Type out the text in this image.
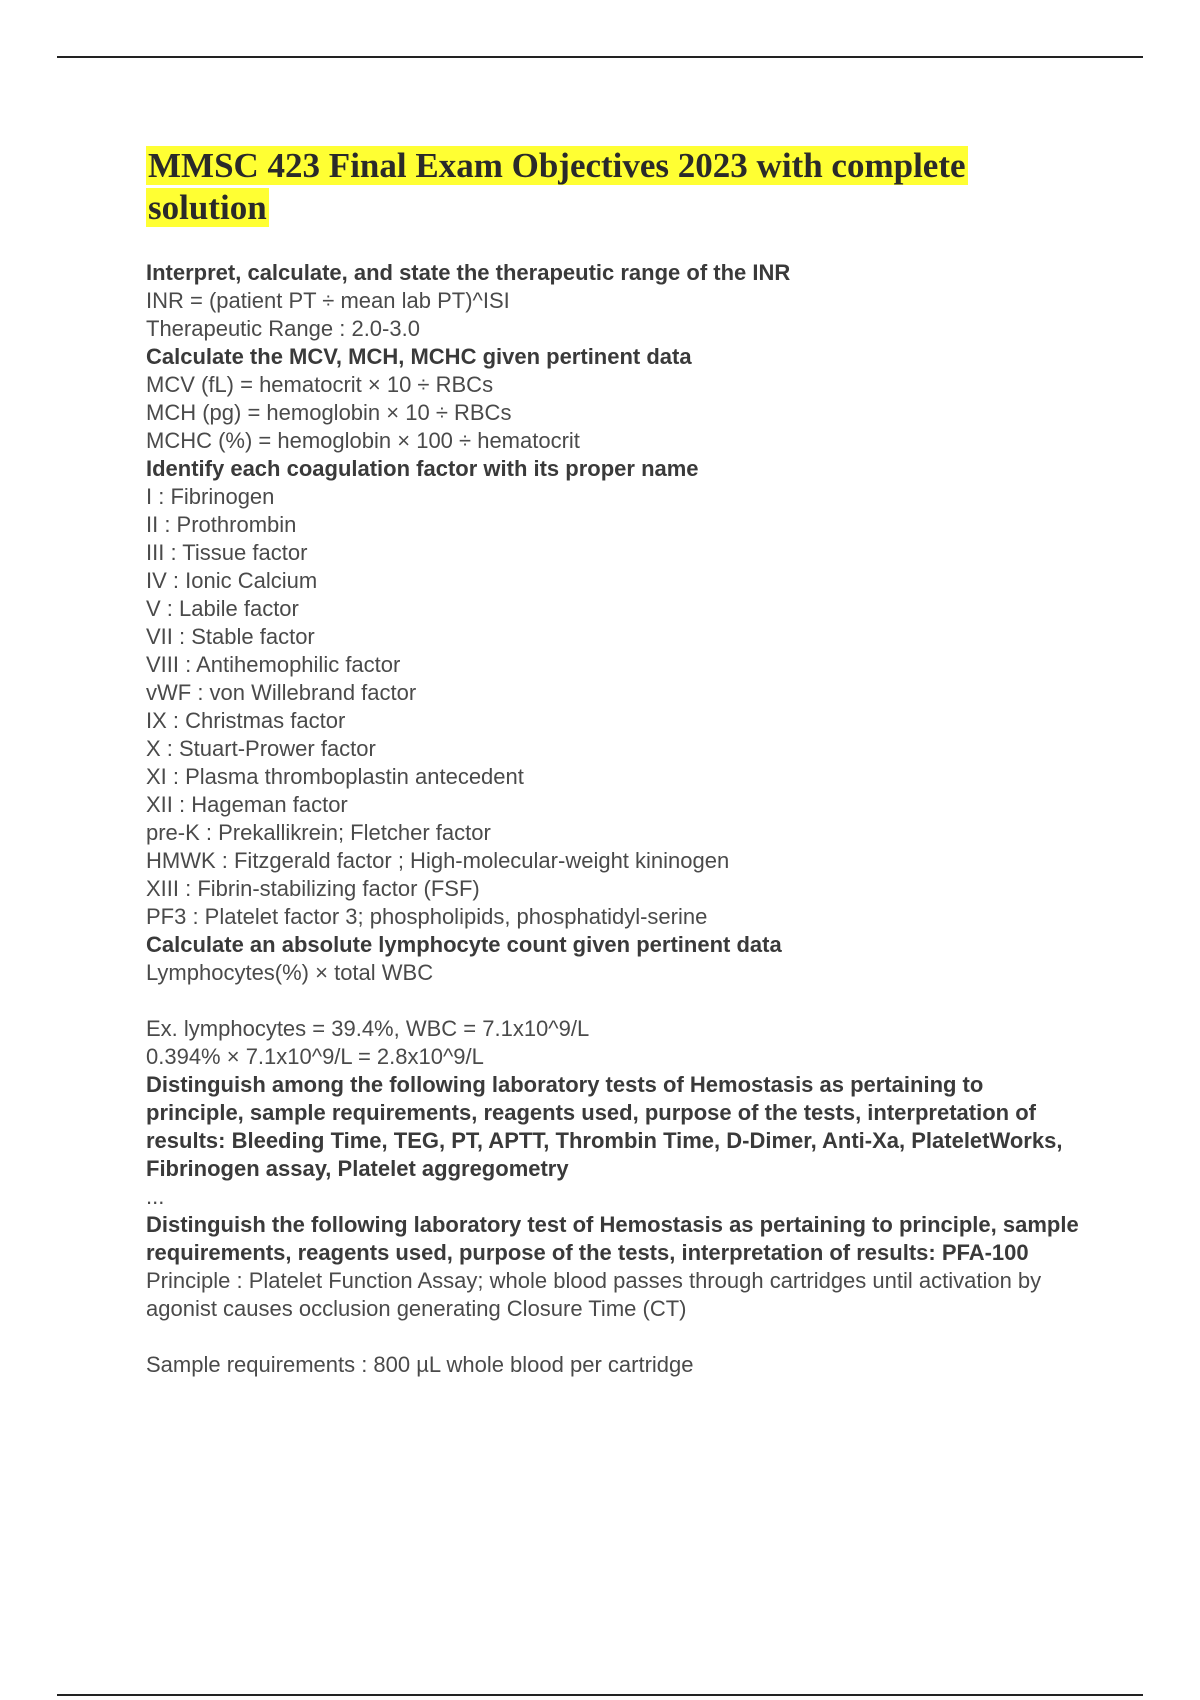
MMSC 423 Final Exam Objectives 2023 with complete solution
Interpret, calculate, and state the therapeutic range of the INR
INR = (patient PT ÷ mean lab PT)^ISI
Therapeutic Range : 2.0-3.0
Calculate the MCV, MCH, MCHC given pertinent data
MCV (fL) = hematocrit × 10 ÷ RBCs
MCH (pg) = hemoglobin × 10 ÷ RBCs
MCHC (%) = hemoglobin × 100 ÷ hematocrit
Identify each coagulation factor with its proper name
I : Fibrinogen
II : Prothrombin
III : Tissue factor
IV : Ionic Calcium
V : Labile factor
VII : Stable factor
VIII : Antihemophilic factor
vWF : von Willebrand factor
IX : Christmas factor
X : Stuart-Prower factor
XI : Plasma thromboplastin antecedent
XII : Hageman factor
pre-K : Prekallikrein; Fletcher factor
HMWK : Fitzgerald factor ; High-molecular-weight kininogen
XIII : Fibrin-stabilizing factor (FSF)
PF3 : Platelet factor 3; phospholipids, phosphatidyl-serine
Calculate an absolute lymphocyte count given pertinent data
Lymphocytes(%) × total WBC
Ex. lymphocytes = 39.4%, WBC = 7.1x10^9/L
0.394% × 7.1x10^9/L = 2.8x10^9/L
Distinguish among the following laboratory tests of Hemostasis as pertaining to principle, sample requirements, reagents used, purpose of the tests, interpretation of results: Bleeding Time, TEG, PT, APTT, Thrombin Time, D-Dimer, Anti-Xa, PlateletWorks, Fibrinogen assay, Platelet aggregometry
...
Distinguish the following laboratory test of Hemostasis as pertaining to principle, sample requirements, reagents used, purpose of the tests, interpretation of results: PFA-100
Principle : Platelet Function Assay; whole blood passes through cartridges until activation by agonist causes occlusion generating Closure Time (CT)
Sample requirements : 800 µL whole blood per cartridge
